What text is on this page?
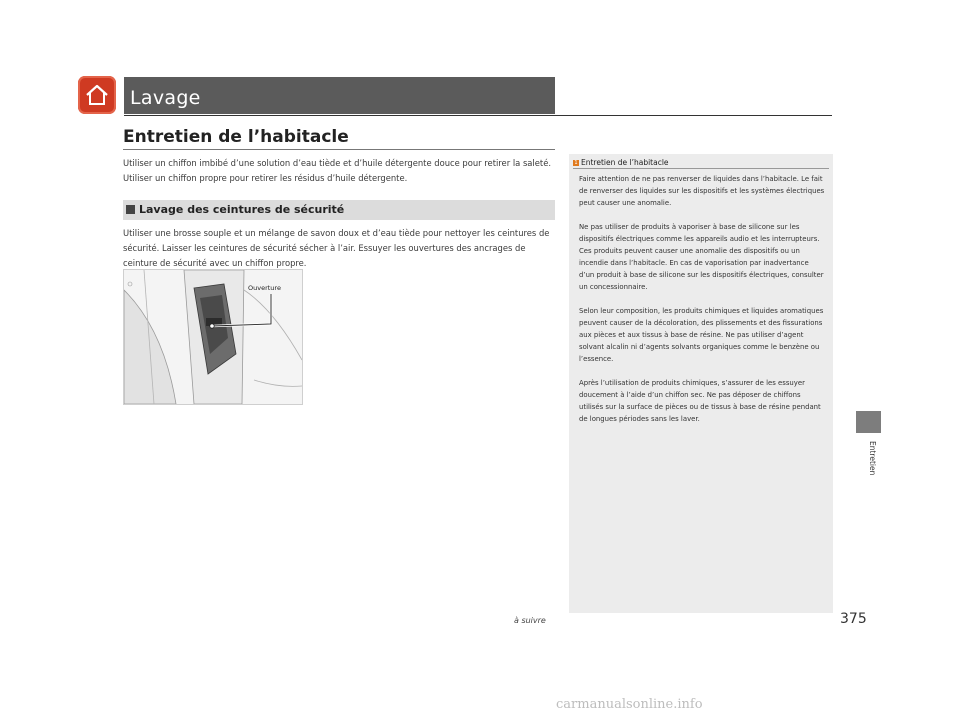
Lavage
Entretien de l’habitacle
Utiliser un chiffon imbibé d’une solution d’eau tiède et d’huile détergente douce pour retirer la saleté. Utiliser un chiffon propre pour retirer les résidus d’huile détergente.
Lavage des ceintures de sécurité
Utiliser une brosse souple et un mélange de savon doux et d’eau tiède pour nettoyer les ceintures de sécurité. Laisser les ceintures de sécurité sécher à l’air. Essuyer les ouvertures des ancrages de ceinture de sécurité avec un chiffon propre.
Ouverture
1 Entretien de l’habitacle

Faire attention de ne pas renverser de liquides dans l’habitacle. Le fait de renverser des liquides sur les dispositifs et les systèmes électriques peut causer une anomalie.

Ne pas utiliser de produits à vaporiser à base de silicone sur les dispositifs électriques comme les appareils audio et les interrupteurs. Ces produits peuvent causer une anomalie des dispositifs ou un incendie dans l’habitacle. En cas de vaporisation par inadvertance d’un produit à base de silicone sur les dispositifs électriques, consulter un concessionnaire.

Selon leur composition, les produits chimiques et liquides aromatiques peuvent causer de la décoloration, des plissements et des fissurations aux pièces et aux tissus à base de résine. Ne pas utiliser d’agent solvant alcalin ni d’agents solvants organiques comme le benzène ou l’essence.

Après l’utilisation de produits chimiques, s’assurer de les essuyer doucement à l’aide d’un chiffon sec. Ne pas déposer de chiffons utilisés sur la surface de pièces ou de tissus à base de résine pendant de longues périodes sans les laver.

Entretien
à suivre	375
carmanualsonline.info
